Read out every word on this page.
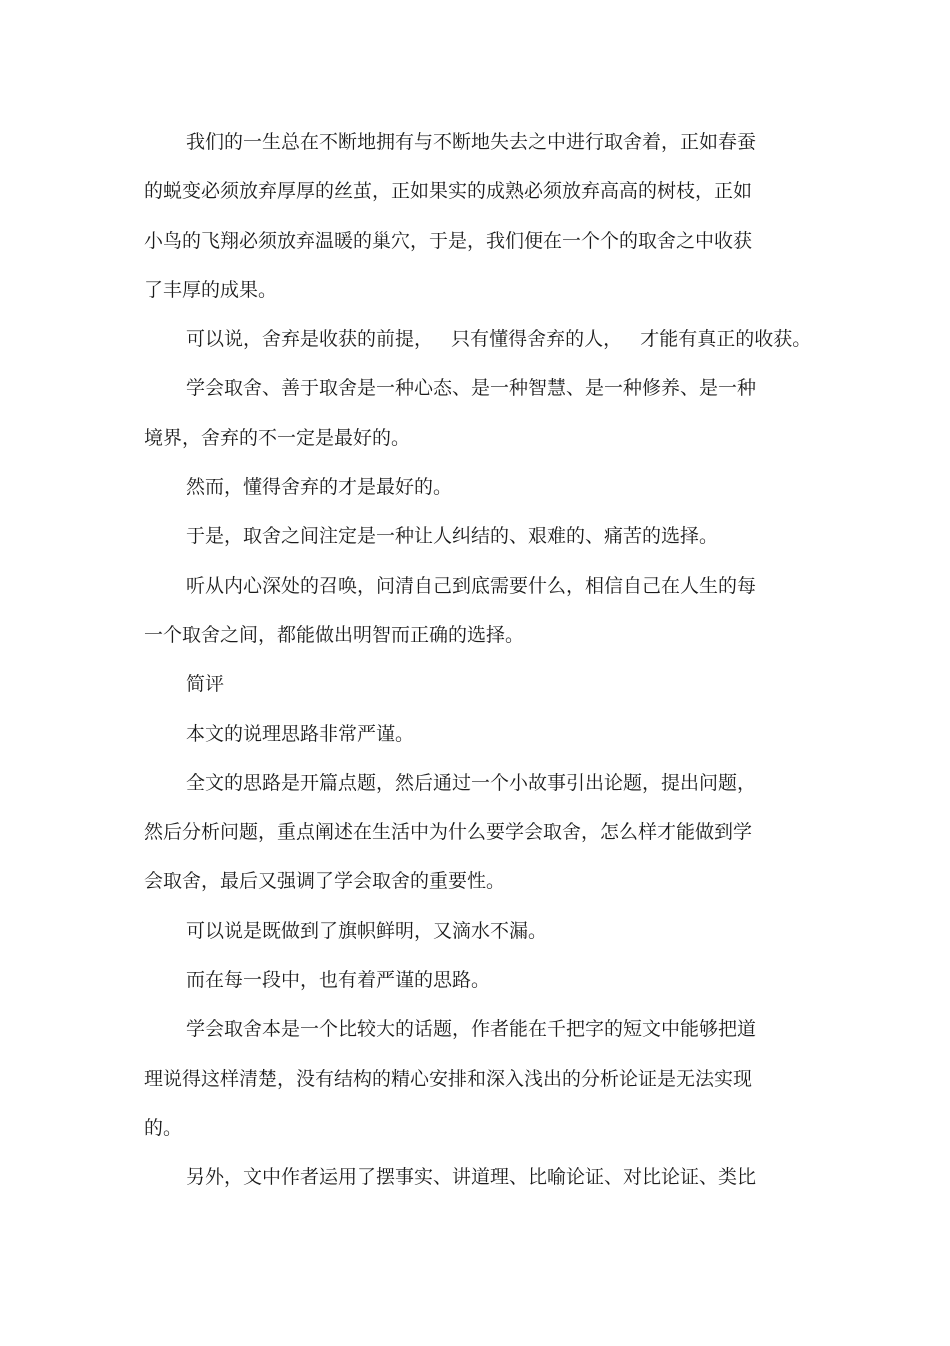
我们的一生总在不断地拥有与不断地失去之中进行取舍着，正如春蚕

的蜕变必须放弃厚厚的丝茧，正如果实的成熟必须放弃高高的树枝，正如

小鸟的飞翔必须放弃温暖的巢穴，于是，我们便在一个个的取舍之中收获

了丰厚的成果。

可以说，舍弃是收获的前提，   只有懂得舍弃的人，   才能有真正的收获。

学会取舍、善于取舍是一种心态、是一种智慧、是一种修养、是一种

境界，舍弃的不一定是最好的。

然而，懂得舍弃的才是最好的。

于是，取舍之间注定是一种让人纠结的、艰难的、痛苦的选择。

听从内心深处的召唤，问清自己到底需要什么，相信自己在人生的每

一个取舍之间，都能做出明智而正确的选择。

简评

本文的说理思路非常严谨。

全文的思路是开篇点题，然后通过一个小故事引出论题，提出问题，

然后分析问题，重点阐述在生活中为什么要学会取舍，怎么样才能做到学

会取舍，最后又强调了学会取舍的重要性。

可以说是既做到了旗帜鲜明，又滴水不漏。

而在每一段中，也有着严谨的思路。

学会取舍本是一个比较大的话题，作者能在千把字的短文中能够把道

理说得这样清楚，没有结构的精心安排和深入浅出的分析论证是无法实现

的。

另外，文中作者运用了摆事实、讲道理、比喻论证、对比论证、类比
